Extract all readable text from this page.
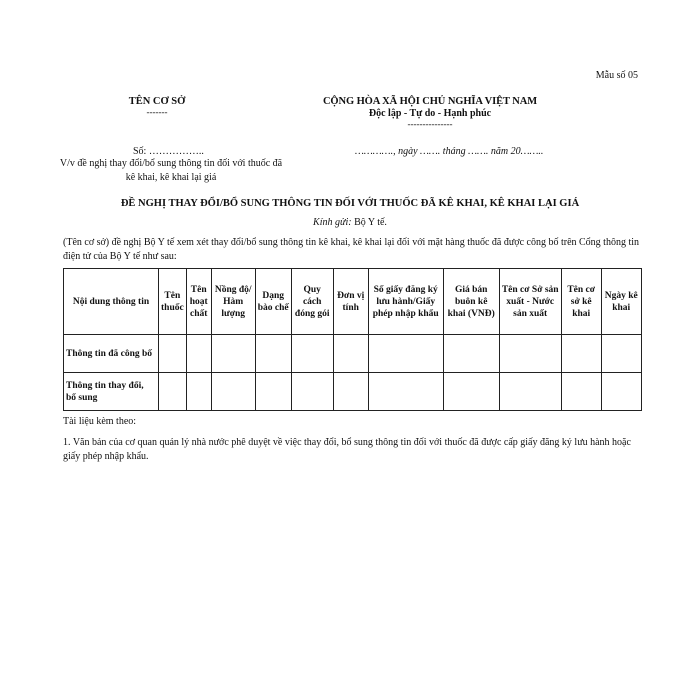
Mẫu số 05
TÊN CƠ SỞ
-------
CỘNG HÒA XÃ HỘI CHỦ NGHĨA VIỆT NAM
Độc lập - Tự do - Hạnh phúc
---------------
Số: ……………..	…………., ngày ……. tháng ……. năm 20……..
V/v đề nghị thay đổi/bổ sung thông tin đối với thuốc đã kê khai, kê khai lại giá
ĐỀ NGHỊ THAY ĐỔI/BỔ SUNG THÔNG TIN ĐỐI VỚI THUỐC ĐÃ KÊ KHAI, KÊ KHAI LẠI GIÁ
Kính gửi: Bộ Y tế.
(Tên cơ sở) đề nghị Bộ Y tế xem xét thay đổi/bổ sung thông tin kê khai, kê khai lại đối với mặt hàng thuốc đã được công bố trên Cổng thông tin điện tử của Bộ Y tế như sau:
Nội dung thông tin	Tên thuốc	Tên hoạt chất	Nồng độ/ Hàm lượng	Dạng bào chế	Quy cách đóng gói	Đơn vị tính	Số giấy đăng ký lưu hành/Giấy phép nhập khẩu	Giá bán buôn kê khai (VNĐ)	Tên cơ Sở sản xuất - Nước sản xuất	Tên cơ sở kê khai	Ngày kê khai
Thông tin đã công bố											
Thông tin thay đổi, bổ sung											
Tài liệu kèm theo:
1. Văn bản của cơ quan quản lý nhà nước phê duyệt về việc thay đổi, bổ sung thông tin đối với thuốc đã được cấp giấy đăng ký lưu hành hoặc giấy phép nhập khẩu.
